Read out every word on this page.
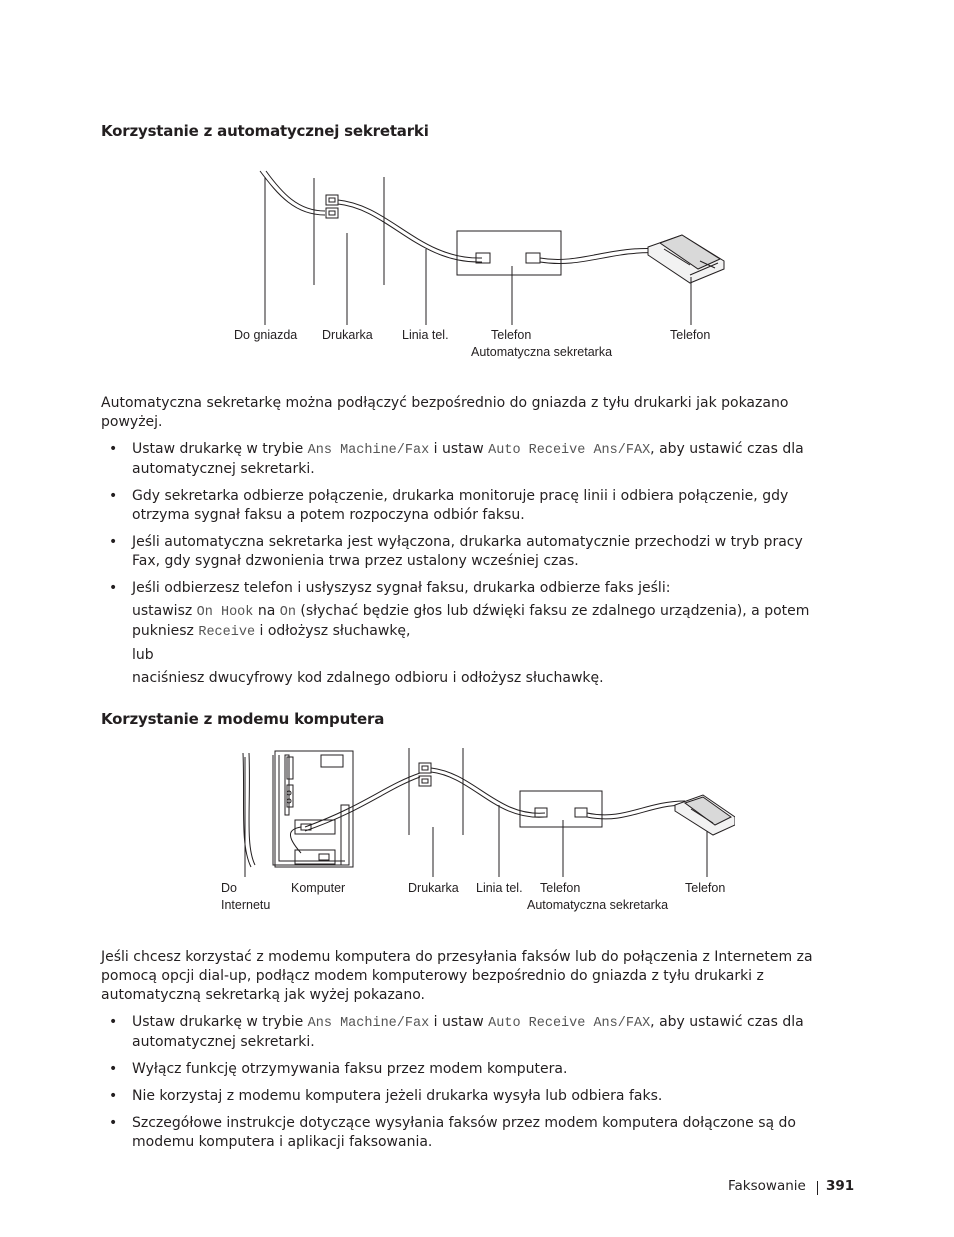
Korzystanie z automatycznej sekretarki
Do gniazda Drukarka Linia tel.	Telefon
Automatyczna sekretarka
Telefon

Automatyczna sekretarkę można podłączyć bezpośrednio do gniazda z tyłu drukarki jak pokazano powyżej.

• Ustaw drukarkę w trybie Ans Machine/Fax i ustaw Auto Receive Ans/FAX, aby ustawić czas dla automatycznej sekretarki.
• Gdy sekretarka odbierze połączenie, drukarka monitoruje pracę linii i odbiera połączenie, gdy otrzyma sygnał faksu a potem rozpoczyna odbiór faksu.
• Jeśli automatyczna sekretarka jest wyłączona, drukarka automatycznie przechodzi w tryb pracy Fax, gdy sygnał dzwonienia trwa przez ustalony wcześniej czas.
• Jeśli odbierzesz telefon i usłyszysz sygnał faksu, drukarka odbierze faks jeśli:
ustawisz On Hook na On (słychać będzie głos lub dźwięki faksu ze zdalnego urządzenia), a potem pukniesz Receive i odłożysz słuchawkę,
lub
naciśniesz dwucyfrowy kod zdalnego odbioru i odłożysz słuchawkę.
Korzystanie z modemu komputera
Do
Internetu
Komputer	Drukarka Linia tel. Telefon
Automatyczna sekretarka
Telefon

Jeśli chcesz korzystać z modemu komputera do przesyłania faksów lub do połączenia z Internetem za pomocą opcji dial-up, podłącz modem komputerowy bezpośrednio do gniazda z tyłu drukarki z automatyczną sekretarką jak wyżej pokazano.

• Ustaw drukarkę w trybie Ans Machine/Fax i ustaw Auto Receive Ans/FAX, aby ustawić czas dla automatycznej sekretarki.
• Wyłącz funkcję otrzymywania faksu przez modem komputera.
• Nie korzystaj z modemu komputera jeżeli drukarka wysyła lub odbiera faks.
• Szczegółowe instrukcje dotyczące wysyłania faksów przez modem komputera dołączone są do modemu komputera i aplikacji faksowania.
Faksowanie 391
